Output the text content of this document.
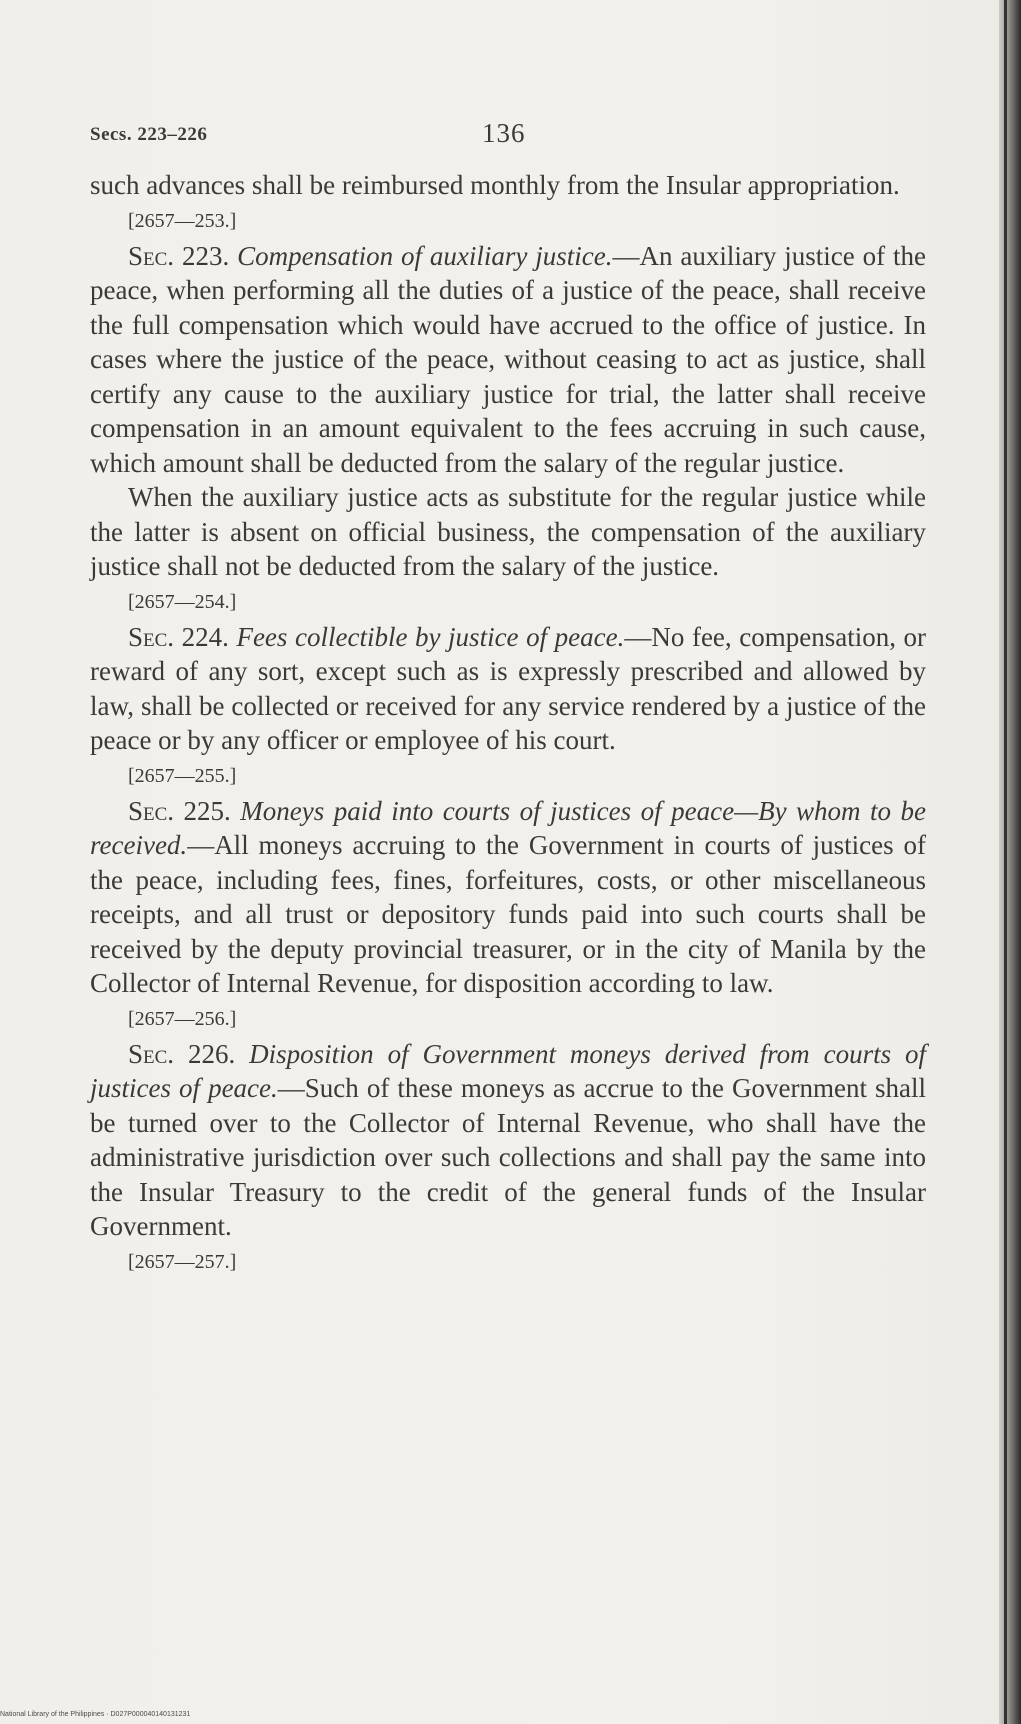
Secs. 223–226	136

such advances shall be reimbursed monthly from the Insular appropriation.

[2657—253.]

Sec. 223. Compensation of auxiliary justice.—An auxiliary justice of the peace, when performing all the duties of a justice of the peace, shall receive the full compensation which would have accrued to the office of justice. In cases where the justice of the peace, without ceasing to act as justice, shall certify any cause to the auxiliary justice for trial, the latter shall receive compensation in an amount equivalent to the fees accruing in such cause, which amount shall be deducted from the salary of the regular justice.

When the auxiliary justice acts as substitute for the regular justice while the latter is absent on official business, the compensation of the auxiliary justice shall not be deducted from the salary of the justice.

[2657—254.]

Sec. 224. Fees collectible by justice of peace.—No fee, compensation, or reward of any sort, except such as is expressly prescribed and allowed by law, shall be collected or received for any service rendered by a justice of the peace or by any officer or employee of his court.

[2657—255.]

Sec. 225. Moneys paid into courts of justices of peace—By whom to be received.—All moneys accruing to the Government in courts of justices of the peace, including fees, fines, forfeitures, costs, or other miscellaneous receipts, and all trust or depository funds paid into such courts shall be received by the deputy provincial treasurer, or in the city of Manila by the Collector of Internal Revenue, for disposition according to law.

[2657—256.]

Sec. 226. Disposition of Government moneys derived from courts of justices of peace.—Such of these moneys as accrue to the Government shall be turned over to the Collector of Internal Revenue, who shall have the administrative jurisdiction over such collections and shall pay the same into the Insular Treasury to the credit of the general funds of the Insular Government.

[2657—257.]

National Library of the Philippines · D027P000040140131231
